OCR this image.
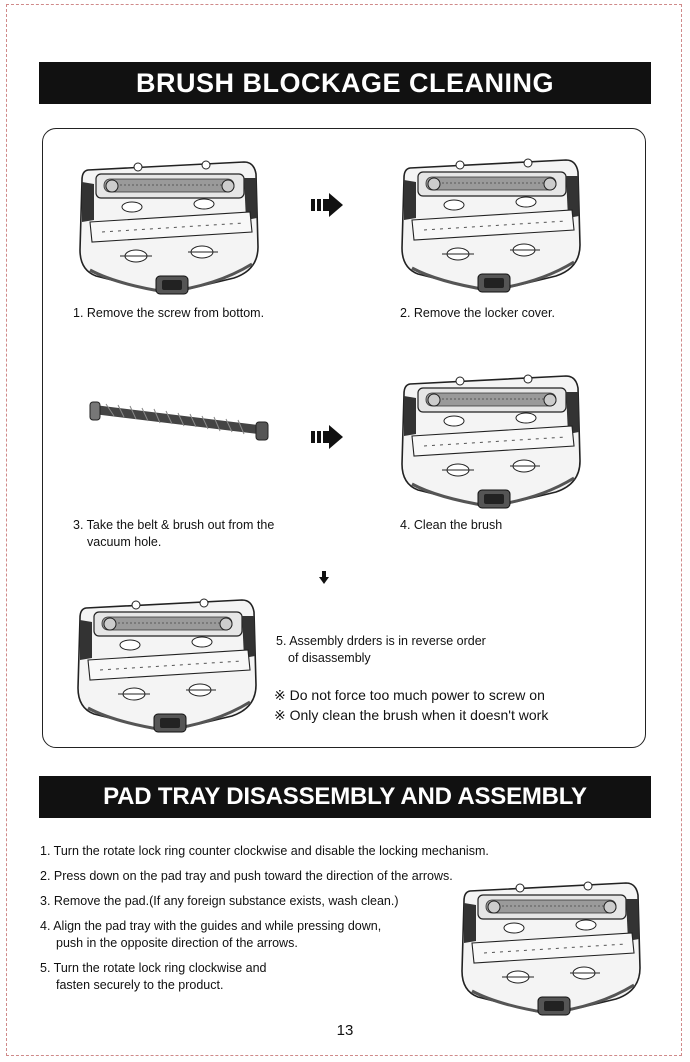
BRUSH BLOCKAGE CLEANING
1. Remove the screw from bottom.	2. Remove the locker cover.
3. Take the belt & brush out from the
vacuum hole.
4. Clean the brush
5. Assembly drders is in reverse order
of disassembly
※ Do not force too much power to screw on
※ Only clean the brush when it doesn't work
PAD TRAY DISASSEMBLY AND ASSEMBLY INSTRUCTIONS
1. Turn the rotate lock ring counter clockwise and disable the locking mechanism.
2. Press down on the pad tray and push toward the direction of the arrows.
3. Remove the pad.(If any foreign substance exists, wash clean.)
4. Align the pad tray with the guides and while pressing down,
push in the opposite direction of the arrows.
5. Turn the rotate lock ring clockwise and
fasten securely to the product.
13
